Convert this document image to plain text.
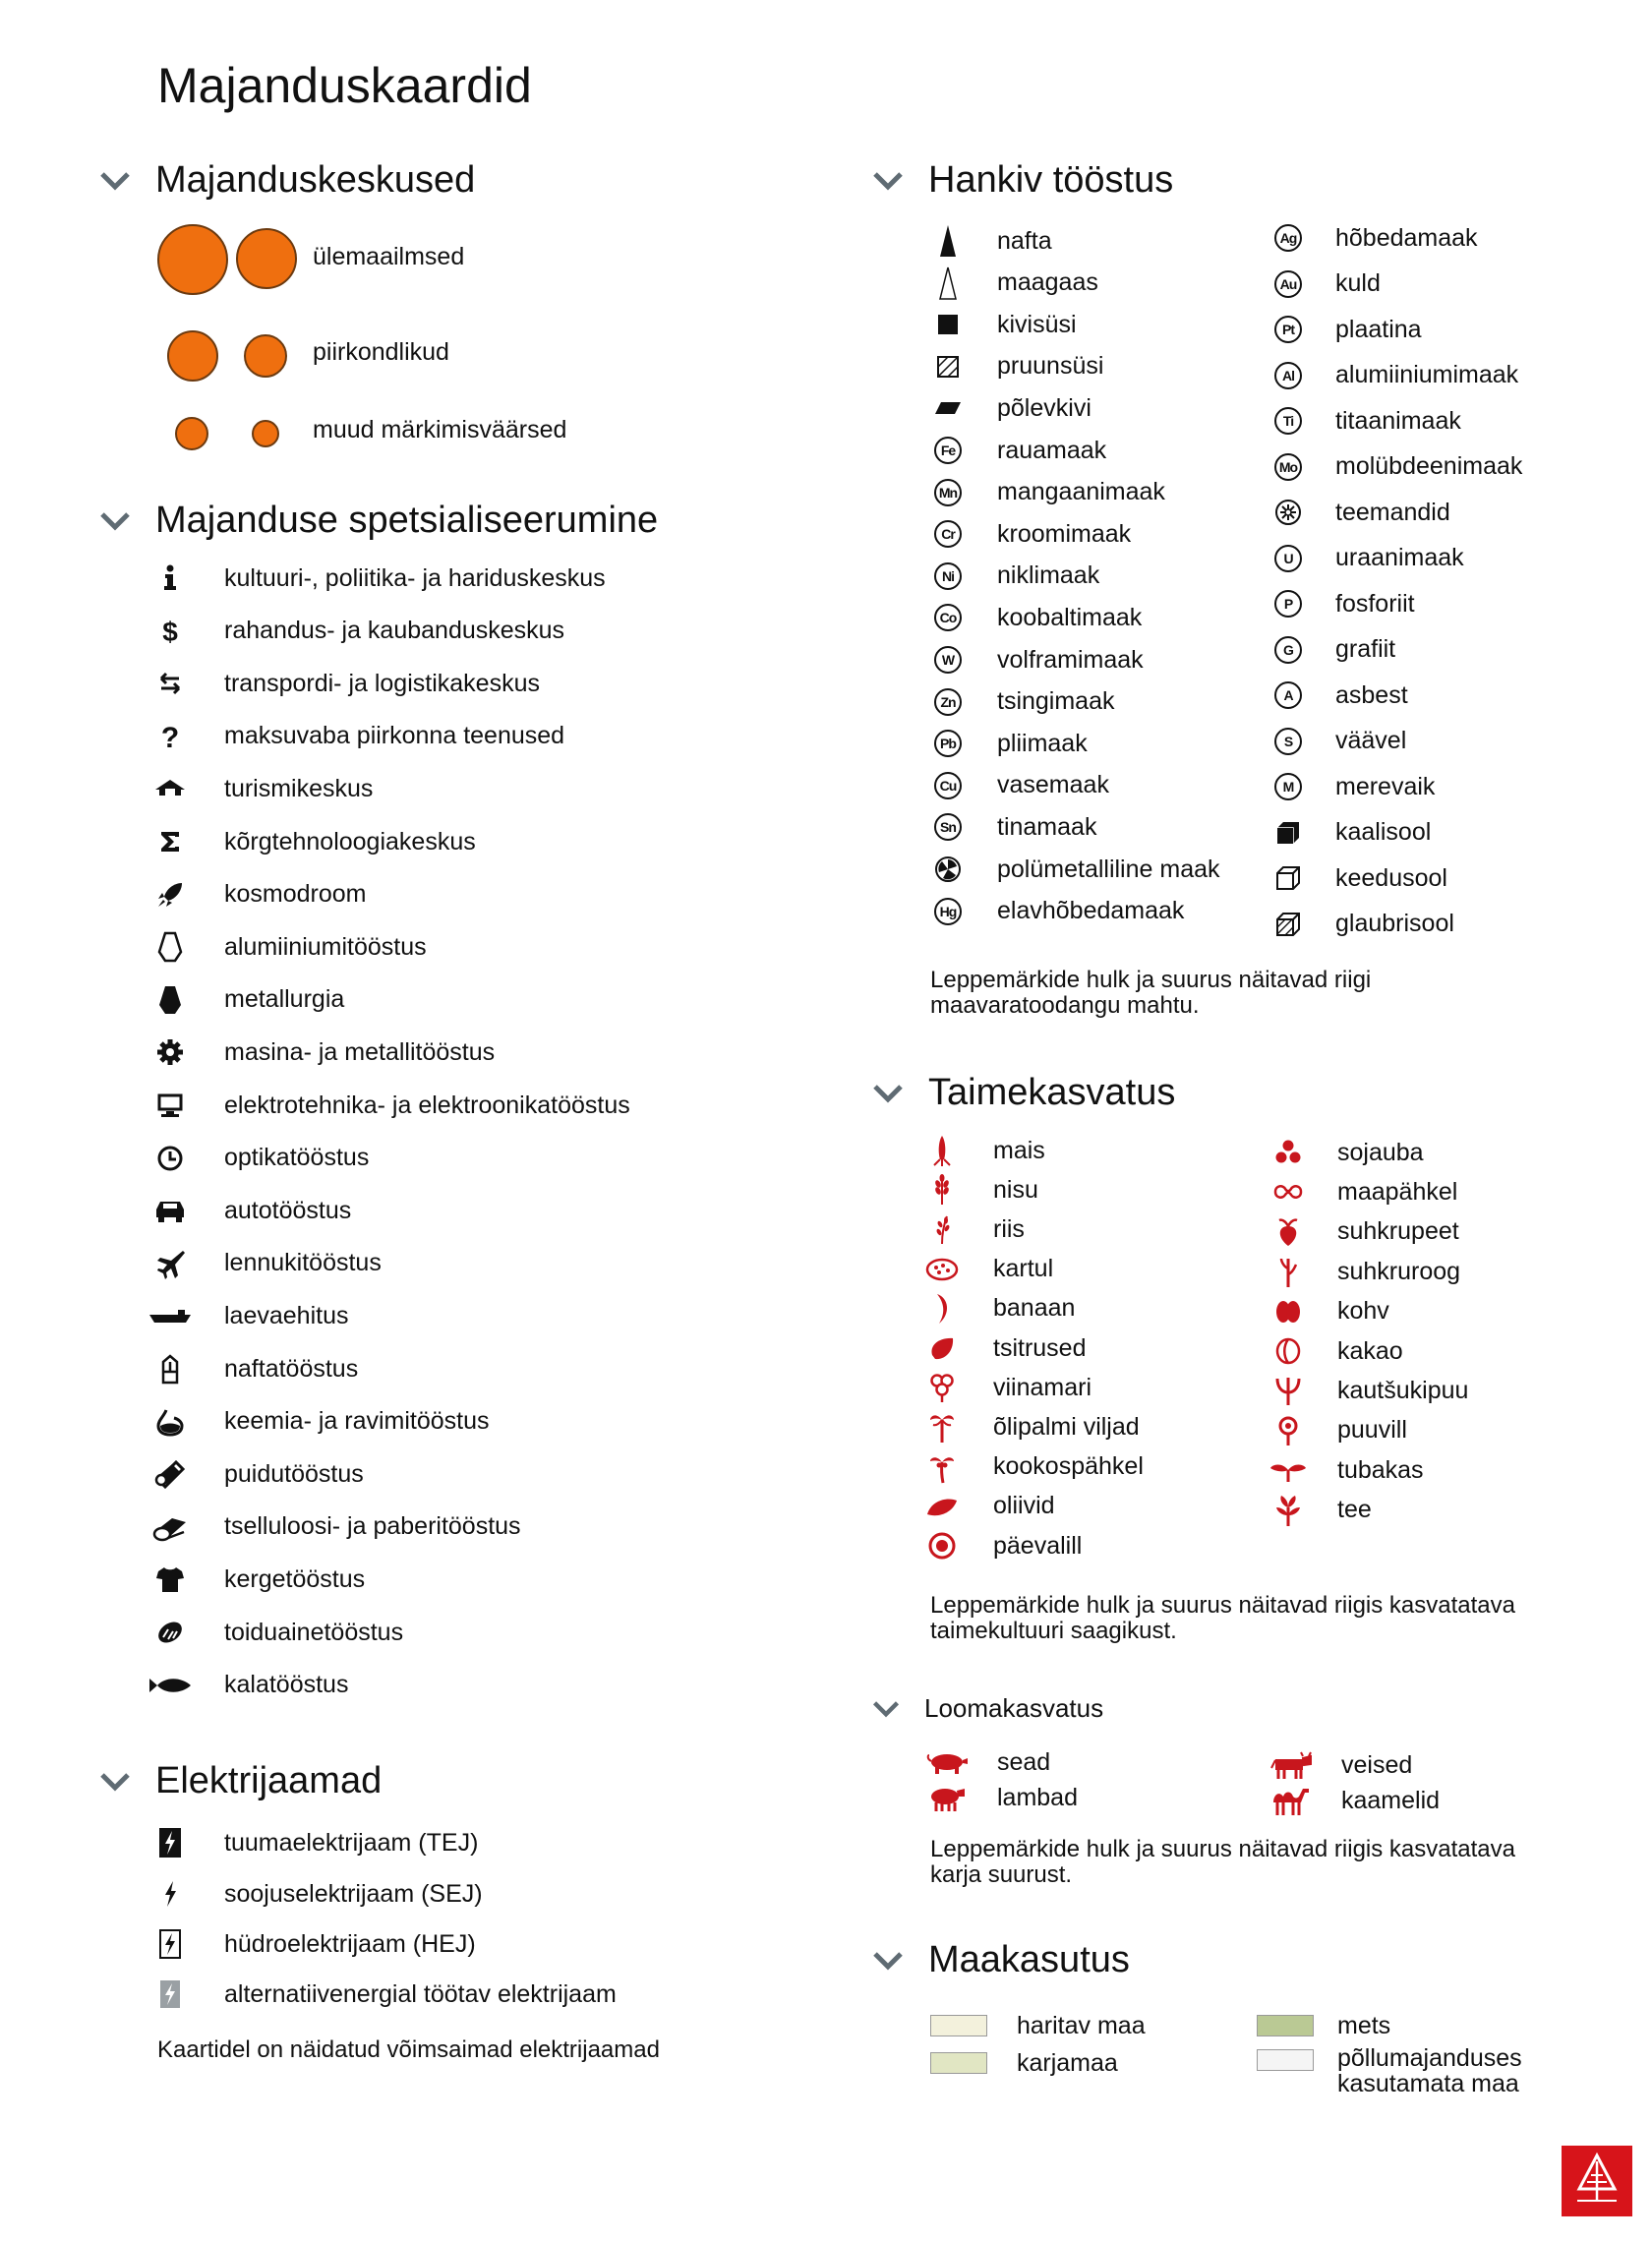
Majanduskaardid
Majanduskeskused
ülemaailmsed
piirkondlikud
muud märkimisväärsed
Majanduse spetsialiseerumine
kultuuri-, poliitika- ja hariduskeskus
$ rahandus- ja kaubanduskeskus
transpordi- ja logistikakeskus
? maksuvaba piirkonna teenused
turismikeskus
kõrgtehnoloogiakeskus
kosmodroom
alumiiniumitööstus
metallurgia
masina- ja metallitööstus
elektrotehnika- ja elektroonikatööstus
optikatööstus
autotööstus
lennukitööstus
laevaehitus
naftatööstus
keemia- ja ravimitööstus
puidutööstus
tselluloosi- ja paberitööstus
kergetööstus
toiduainetööstus
kalatööstus
Elektrijaamad
tuumaelektrijaam (TEJ)
soojuselektrijaam (SEJ)
hüdroelektrijaam (HEJ)
alternatiivenergial töötav elektrijaam
Kaartidel on näidatud võimsaimad elektrijaamad
Hankiv tööstus
nafta
maagaas
kivisüsi
pruunsüsi
põlevkivi
Fe rauamaak
Mn mangaanimaak
Cr kroomimaak
Ni	niklimaak
Co koobaltimaak
W	volframimaak
Zn tsingimaak
Pb pliimaak
Cu vasemaak
Sn tinamaak
polümetalliline maak
Hg elavhõbedamaak
Ag hõbedamaak
Au kuld
Pt	plaatina
Al	alumiiniumimaak
Ti	titaanimaak
Mo molübdeenimaak
teemandid
U	uraanimaak
P	fosforiit
G	grafiit
A	asbest
S	väävel
M	merevaik
kaalisool
keedusool
glaubrisool
Leppemärkide hulk ja suurus näitavad riigi maavaratoodangu mahtu.
Taimekasvatus
mais
nisu
riis
kartul
banaan
tsitrused
viinamari
õlipalmi viljad
kookospähkel
oliivid
päevalill
sojauba
maapähkel
suhkrupeet
suhkruroog
kohv
kakao
kautšukipuu
puuvill
tubakas
tee
Leppemärkide hulk ja suurus näitavad riigis kasvatatava taimekultuuri saagikust.
Loomakasvatus
sead
lambad
veised
kaamelid
Leppemärkide hulk ja suurus näitavad riigis kasvatatava karja suurust.
Maakasutus
haritav maa
karjamaa
mets
põllumajanduses kasutamata maa
